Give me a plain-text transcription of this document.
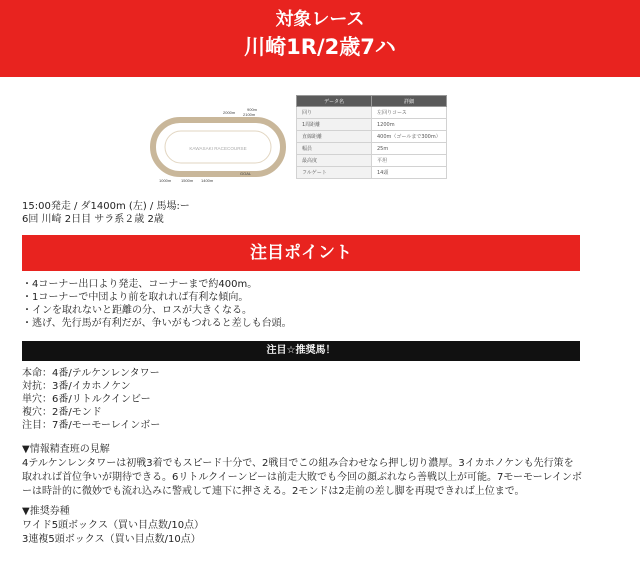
対象レース
川崎1R/2歳7ハ
KAWASAKI RACECOURSE
2000m
900m
2100m
1000m 1500m 1400m
GOAL
データ名	詳細
回り	左回りコース
1周距離	1200m
直線距離	400m（ゴールまで300m）
幅員	25m
最高度	平坦
フルゲート	14頭
15:00発走 / ダ1400m (左) / 馬場:ー
6回 川崎 2日目 サラ系２歳 2歳
注目ポイント
・ 4コーナー出口より発走、コーナーまで約400m。
・ 1コーナーで中団より前を取れれば有利な傾向。
・ インを取れないと距離の分、ロスが大きくなる。
・ 逃げ、先行馬が有利だが、争いがもつれると差しも台頭。
注目☆推奨馬！
本命：4番/テルケンレンタワー
対抗：3番/イカホノケン
単穴：6番/リトルクインビー
複穴：2番/モンド
注目：7番/モーモーレインボー

▼情報精査班の見解

4テルケンレンタワーは初戦3着でもスピード十分で、2戦目でこの組み合わせなら押し切り濃厚。3イカホノケンも先行策を取れれば首位争いが期待できる。6リトルクイーンビーは前走大敗でも今回の顔ぶれなら善戦以上が可能。7モーモーレインボーは時計的に微妙でも流れ込みに警戒して連下に押さえる。2モンドは2走前の差し脚を再現できれば上位まで。

▼推奨券種
ワイド5頭ボックス（買い目点数/10点）
3連複5頭ボックス（買い目点数/10点）
